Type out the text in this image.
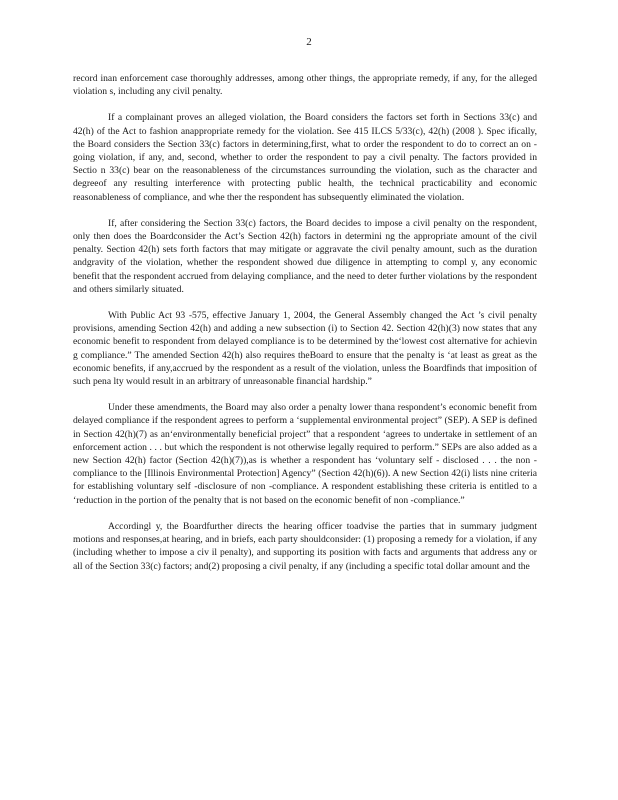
2

record inan enforcement case thoroughly addresses, among other things, the appropriate remedy, if any, for the alleged violation s, including any civil penalty.

If a complainant proves an alleged violation, the Board considers the factors set forth in Sections 33(c) and 42(h) of the Act to fashion anappropriate remedy for the violation. See 415 ILCS 5/33(c), 42(h) (2008 ). Spec ifically, the Board considers the Section 33(c) factors in determining,first, what to order the respondent to do to correct an on -going violation, if any, and, second, whether to order the respondent to pay a civil penalty. The factors provided in Sectio n 33(c) bear on the reasonableness of the circumstances surrounding the violation, such as the character and degreeof any resulting interference with protecting public health, the technical practicability and economic reasonableness of compliance, and whe ther the respondent has subsequently eliminated the violation.

If, after considering the Section 33(c) factors, the Board decides to impose a civil penalty on the respondent, only then does the Boardconsider the Act’s Section 42(h) factors in determini ng the appropriate amount of the civil penalty. Section 42(h) sets forth factors that may mitigate or aggravate the civil penalty amount, such as the duration andgravity of the violation, whether the respondent showed due diligence in attempting to compl y, any economic benefit that the respondent accrued from delaying compliance, and the need to deter further violations by the respondent and others similarly situated.

With Public Act 93 -575, effective January 1, 2004, the General Assembly changed the Act ’s civil penalty provisions, amending Section 42(h) and adding a new subsection (i) to Section 42. Section 42(h)(3) now states that any economic benefit to respondent from delayed compliance is to be determined by the‘lowest cost alternative for achievin g compliance.” The amended Section 42(h) also requires theBoard to ensure that the penalty is ‘at least as great as the economic benefits, if any,accrued by the respondent as a result of the violation, unless the Boardfinds that imposition of such pena lty would result in an arbitrary of unreasonable financial hardship.”

Under these amendments, the Board may also order a penalty lower thana respondent’s economic benefit from delayed compliance if the respondent agrees to perform a ‘supplemental environmental project” (SEP). A SEP is defined in Section 42(h)(7) as an‘environmentally beneficial project” that a respondent ‘agrees to undertake in settlement of an enforcement action . . . but which the respondent is not otherwise legally required to perform.” SEPs are also added as a new Section 42(h) factor (Section 42(h)(7)),as is whether a respondent has ‘voluntary self - disclosed . . . the non -compliance to the [Illinois Environmental Protection] Agency” (Section 42(h)(6)). A new Section 42(i) lists nine criteria for establishing voluntary self -disclosure of non -compliance. A respondent establishing these criteria is entitled to a ‘reduction in the portion of the penalty that is not based on the economic benefit of non -compliance.”

Accordingl y, the Boardfurther directs the hearing officer toadvise the parties that in summary judgment motions and responses,at hearing, and in briefs, each party shouldconsider: (1) proposing a remedy for a violation, if any (including whether to impose a civ il penalty), and supporting its position with facts and arguments that address any or all of the Section 33(c) factors; and(2) proposing a civil penalty, if any (including a specific total dollar amount and the
